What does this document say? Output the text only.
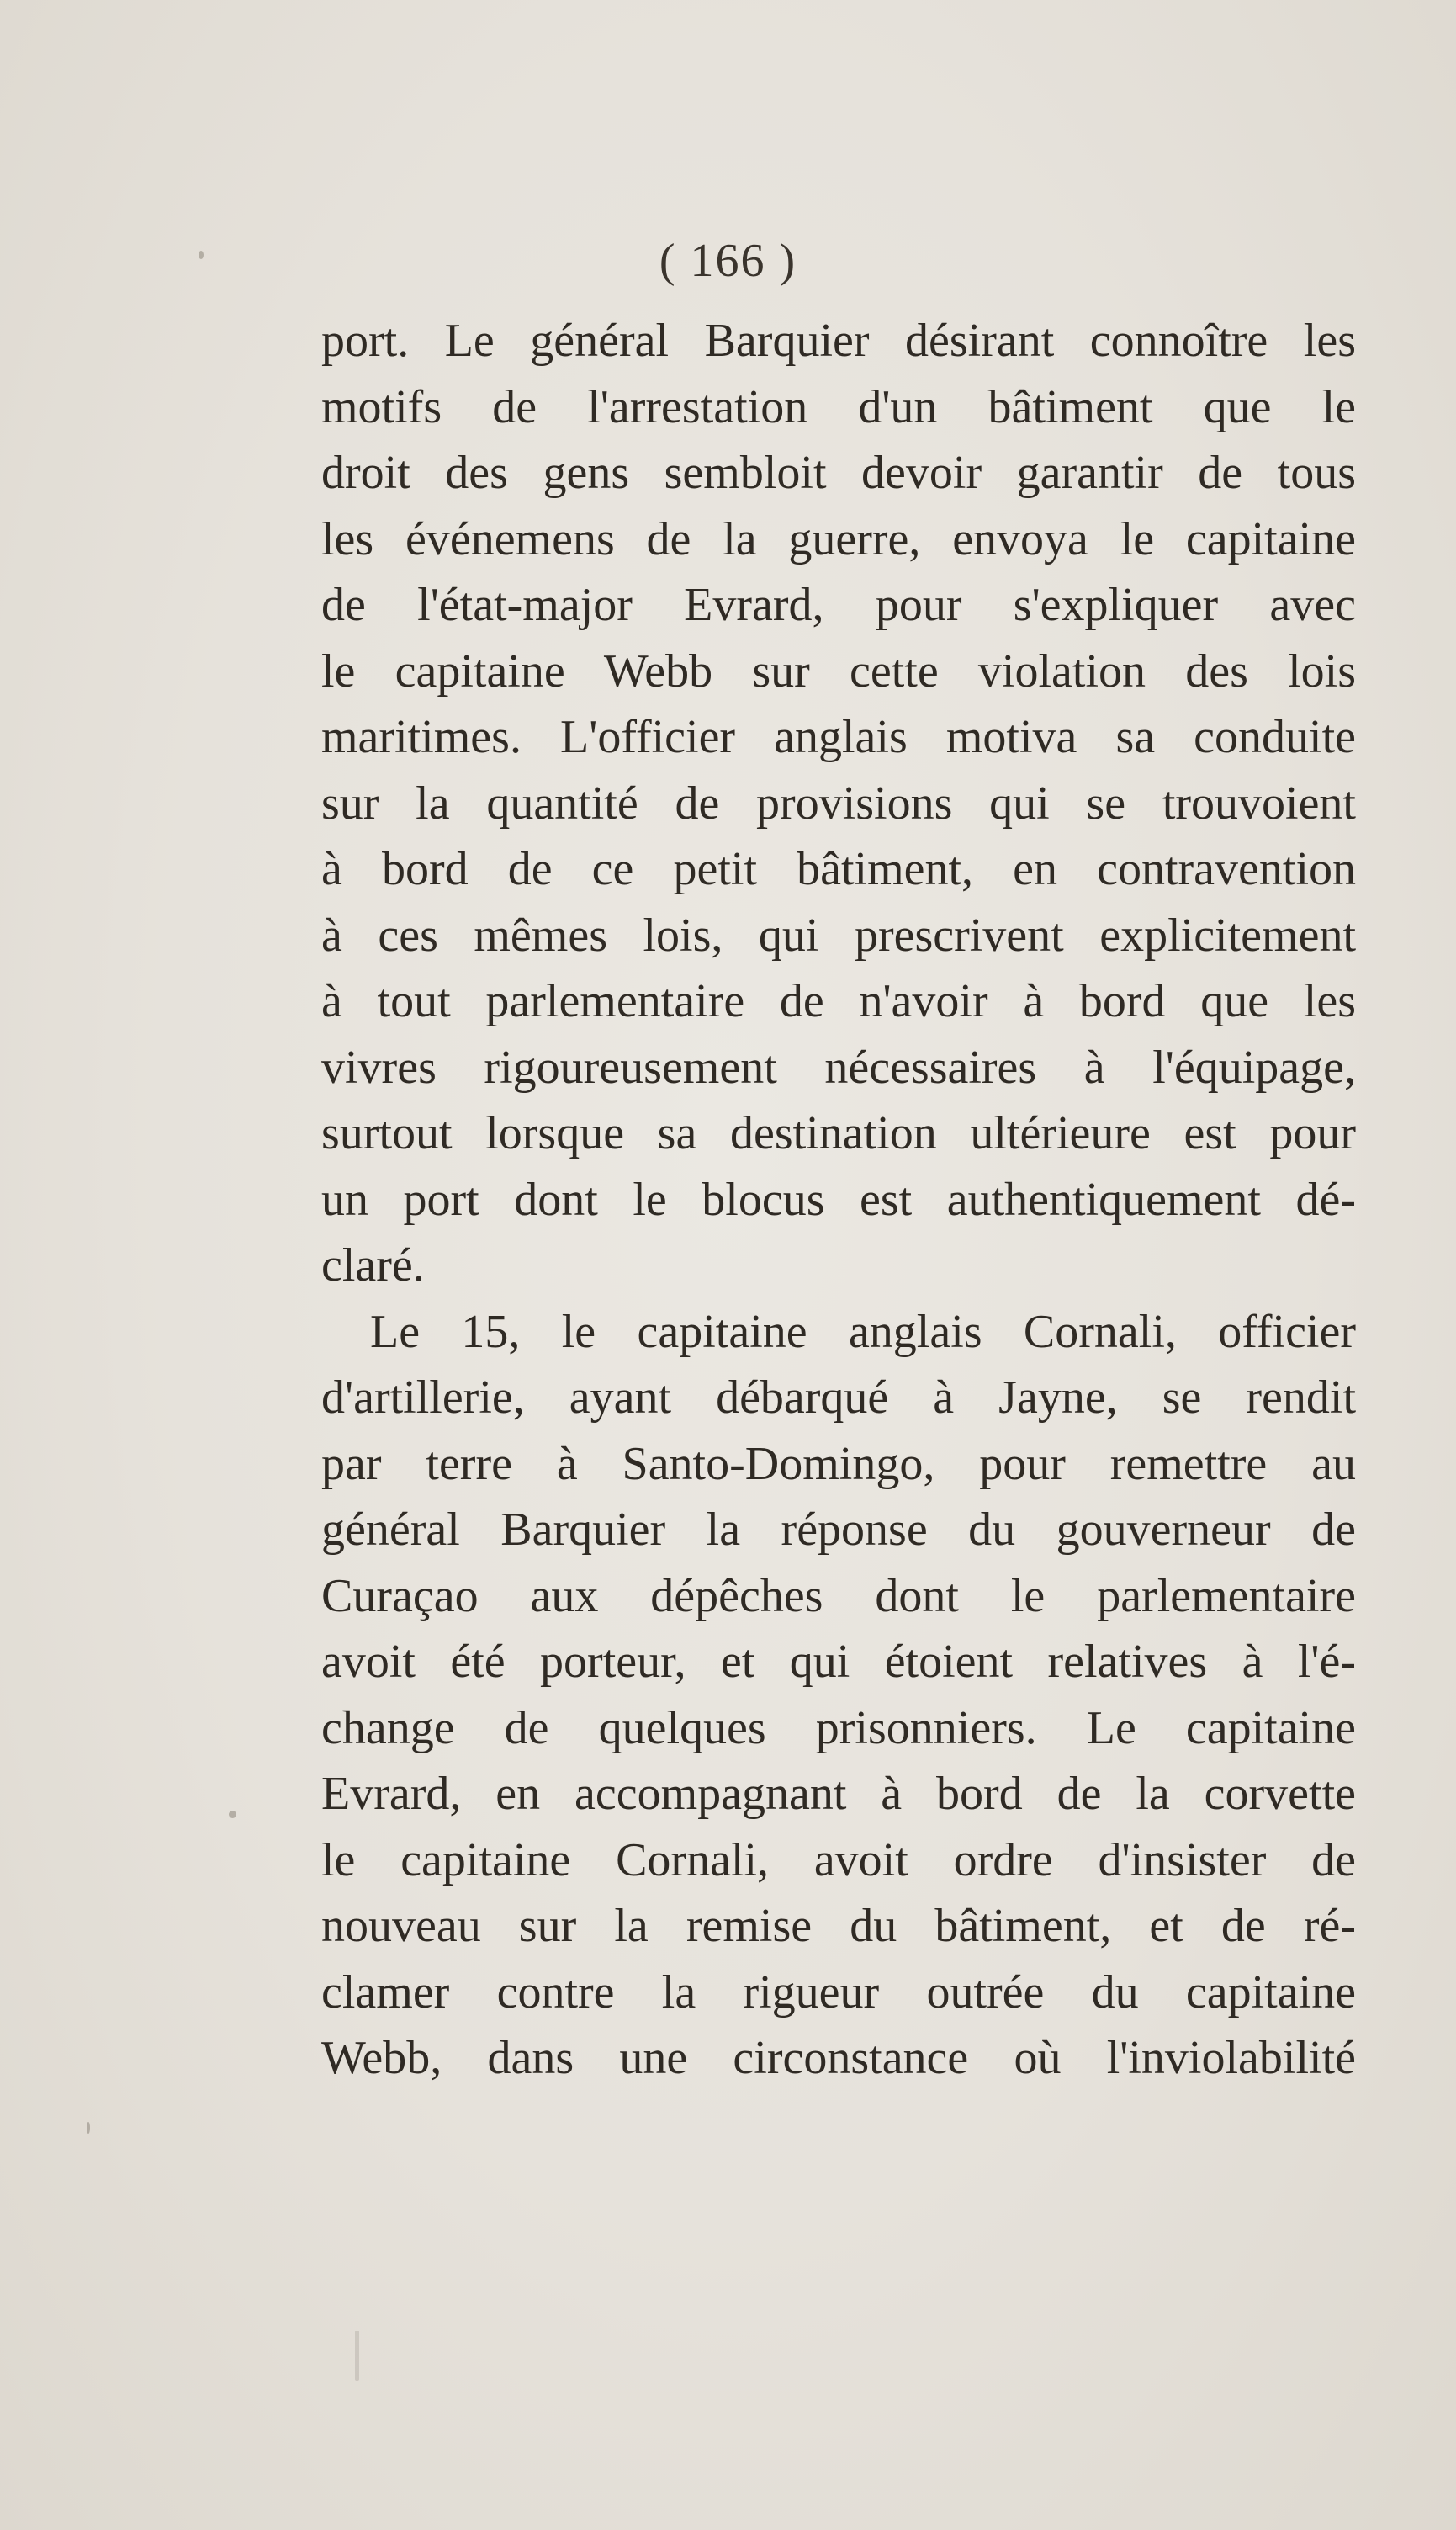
( 166 )
port. Le général Barquier désirant connoître les
motifs de l'arrestation d'un bâtiment que le
droit des gens sembloit devoir garantir de tous
les événemens de la guerre, envoya le capitaine
de l'état-major Evrard, pour s'expliquer avec
le capitaine Webb sur cette violation des lois
maritimes. L'officier anglais motiva sa conduite
sur la quantité de provisions qui se trouvoient
à bord de ce petit bâtiment, en contravention
à ces mêmes lois, qui prescrivent explicitement
à tout parlementaire de n'avoir à bord que les
vivres rigoureusement nécessaires à l'équipage,
surtout lorsque sa destination ultérieure est pour
un port dont le blocus est authentiquement dé-
claré.
Le 15, le capitaine anglais Cornali, officier
d'artillerie, ayant débarqué à Jayne, se rendit
par terre à Santo-Domingo, pour remettre au
général Barquier la réponse du gouverneur de
Curaçao aux dépêches dont le parlementaire
avoit été porteur, et qui étoient relatives à l'é-
change de quelques prisonniers. Le capitaine
Evrard, en accompagnant à bord de la corvette
le capitaine Cornali, avoit ordre d'insister de
nouveau sur la remise du bâtiment, et de ré-
clamer contre la rigueur outrée du capitaine
Webb, dans une circonstance où l'inviolabilité
